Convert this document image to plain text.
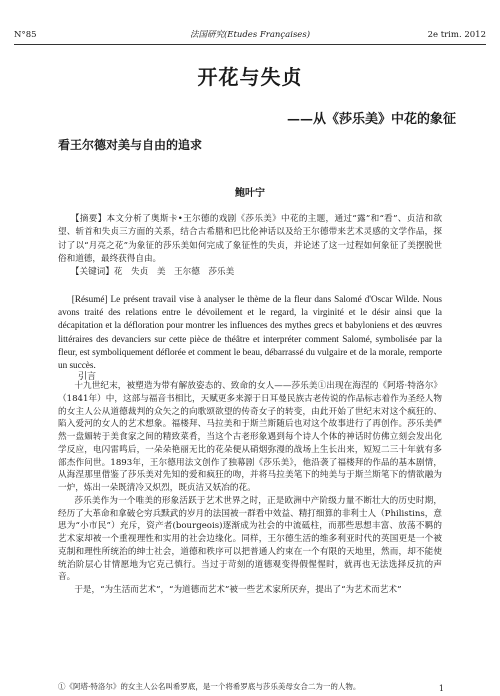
N°85	法国研究(Etudes Françaises)	2e trim. 2012
开花与失贞
——从《莎乐美》中花的象征
看王尔德对美与自由的追求
鲍叶宁

【摘要】本文分析了奥斯卡•王尔德的戏剧《莎乐美》中花的主题，通过“露”和“看”、贞洁和欲望、斩首和失贞三方面的关系，结合古希腊和巴比伦神话以及给王尔德带来艺术灵感的文学作品，探讨了以“月亮之花”为象征的莎乐美如何完成了象征性的失贞，并论述了这一过程如何象征了美摆脱世俗和道德，最终获得自由。

【关键词】花　失贞　美　王尔德　莎乐美

[Résumé] Le présent travail vise à analyser le thème de la fleur dans Salomé d'Oscar Wilde. Nous avons traité des relations entre le dévoilement et le regard, la virginité et le désir ainsi que la décapitation et la défloration pour montrer les influences des mythes grecs et babyloniens et des œuvres littéraires des devanciers sur cette pièce de théâtre et interpréter comment Salomé, symbolisée par la fleur, est symboliquement déflorée et comment le beau, débarrassé du vulgaire et de la morale, remporte un succès.

引言

十九世纪末，被塑造为带有解放姿态的、致命的女人——莎乐美①出现在海涅的《阿塔·特洛尔》（1841年）中，这部与福音书相比，天赋更多来源于日耳曼民族古老传说的作品标志着作为圣经人物的女主人公从道德裁判的众矢之的向歌颂欲望的传奇女子的转变，由此开始了世纪末对这个疯狂的、陷入爱河的女人的艺术想象。福楼拜、马拉美和于斯兰斯随后也对这个故事进行了再创作。莎乐美俨然一盘媚转于美食家之间的精致菜肴，当这个古老形象遇到每个诗人个体的神话时仿佛立刻会发出化学反应，电闪雷鸣后，一朵朵艳丽无比的花朵便从硝烟弥漫的战场上生长出来，短短二三十年就有多部杰作问世。1893年，王尔德用法文创作了独幕剧《莎乐美》，他沿袭了福楼拜的作品的基本剧情，从海涅那里借鉴了莎乐美对先知的爱和疯狂的吻，并将马拉美笔下的纯美与于斯兰斯笔下的情欲融为一炉，炼出一朵既清冷又炽烈，既贞洁又妖冶的花。

莎乐美作为一个唯美的形象活跃于艺术世界之时，正是欧洲中产阶级力量不断壮大的历史时期，经历了大革命和拿破仑穷兵黩武的岁月的法国被一群看中效益、精打细算的非利士人（Philistins，意思为“小市民”）充斥，资产者(bourgeois)逐渐成为社会的中流砥柱，而那些思想丰富、放荡不羁的艺术家却被一个重视理性和实用的社会边缘化。同样，王尔德生活的维多利亚时代的英国更是一个被克制和理性所统治的绅士社会，道德和秩序可以把普通人约束在一个有限的天地里，然而，却不能使统治阶层心甘情愿地为它克己慎行。当过于苛刻的道德观变得假惺惺时，就再也无法选择反抗的声音。

于是，“为生活而艺术”，“为道德而艺术”被一些艺术家所厌弃，提出了“为艺术而艺术”

①《阿塔·特洛尔》的女主人公名叫希罗底，是一个将希罗底与莎乐美母女合二为一的人物。	1
